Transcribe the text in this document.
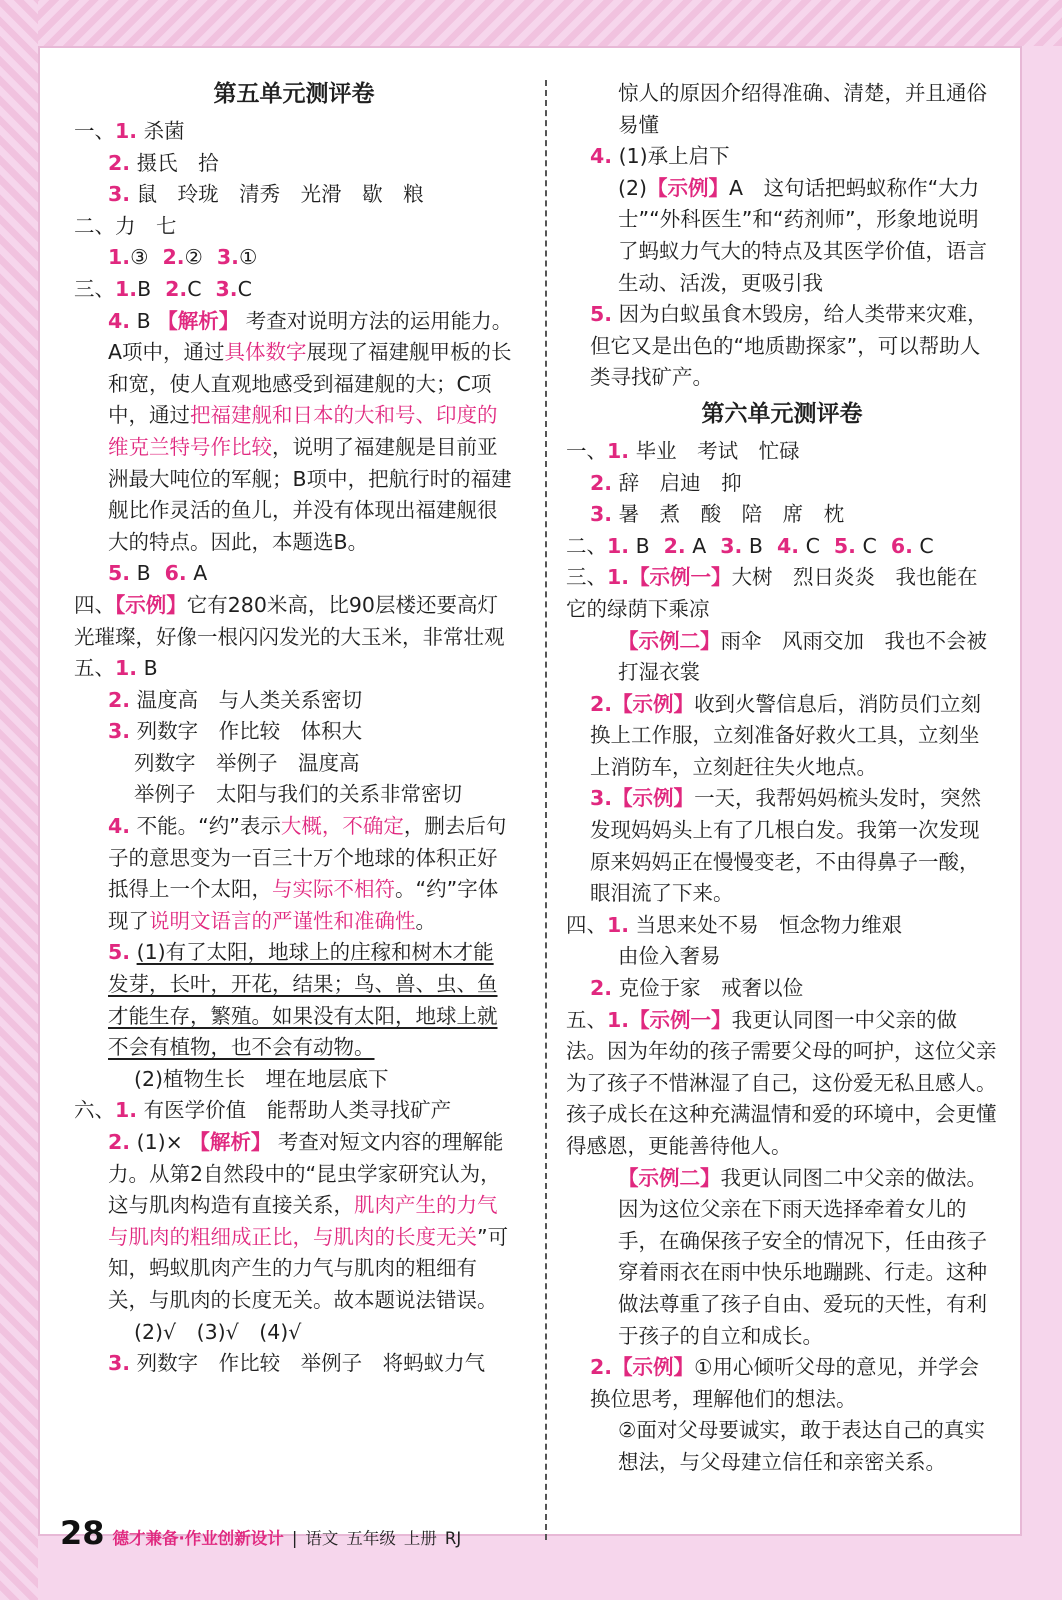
第五单元测评卷
一、1. 杀菌
2. 摄氏　拾
3. 鼠　玲珑　清秀　光滑　歇　粮
二、力　七
1.③ 2.② 3.①
三、1.B 2.C 3.C
4. B 【解析】 考查对说明方法的运用能力。A项中，通过具体数字展现了福建舰甲板的长和宽，使人直观地感受到福建舰的大；C项中，通过把福建舰和日本的大和号、印度的维克兰特号作比较，说明了福建舰是目前亚洲最大吨位的军舰；B项中，把航行时的福建舰比作灵活的鱼儿，并没有体现出福建舰很大的特点。因此，本题选B。
5. B 6. A
四、【示例】它有280米高，比90层楼还要高灯光璀璨，好像一根闪闪发光的大玉米，非常壮观
五、1. B
2. 温度高　与人类关系密切
3. 列数字　作比较　体积大
列数字　举例子　温度高
举例子　太阳与我们的关系非常密切
4. 不能。“约”表示大概，不确定，删去后句子的意思变为一百三十万个地球的体积正好抵得上一个太阳，与实际不相符。“约”字体现了说明文语言的严谨性和准确性。
5. (1)有了太阳，地球上的庄稼和树木才能发芽，长叶，开花，结果；鸟、兽、虫、鱼才能生存，繁殖。如果没有太阳，地球上就不会有植物，也不会有动物。
(2)植物生长　埋在地层底下
六、1. 有医学价值　能帮助人类寻找矿产
2. (1)× 【解析】 考查对短文内容的理解能力。从第2自然段中的“昆虫学家研究认为，这与肌肉构造有直接关系，肌肉产生的力气与肌肉的粗细成正比，与肌肉的长度无关”可知，蚂蚁肌肉产生的力气与肌肉的粗细有关，与肌肉的长度无关。故本题说法错误。
(2)√　(3)√　(4)√
3. 列数字　作比较　举例子　将蚂蚁力气
惊人的原因介绍得准确、清楚，并且通俗易懂
4. (1)承上启下
(2)【示例】A　这句话把蚂蚁称作“大力士”“外科医生”和“药剂师”，形象地说明了蚂蚁力气大的特点及其医学价值，语言生动、活泼，更吸引我
5. 因为白蚁虽食木毁房，给人类带来灾难，但它又是出色的“地质勘探家”，可以帮助人类寻找矿产。
第六单元测评卷
一、1. 毕业　考试　忙碌
2. 辞　启迪　抑
3. 暑　煮　酸　陪　席　枕
二、1. B 2. A 3. B 4. C 5. C 6. C
三、1.【示例一】大树　烈日炎炎　我也能在它的绿荫下乘凉
【示例二】雨伞　风雨交加　我也不会被打湿衣裳
2.【示例】收到火警信息后，消防员们立刻换上工作服，立刻准备好救火工具，立刻坐上消防车，立刻赶往失火地点。
3.【示例】一天，我帮妈妈梳头发时，突然发现妈妈头上有了几根白发。我第一次发现原来妈妈正在慢慢变老，不由得鼻子一酸，眼泪流了下来。
四、1. 当思来处不易　恒念物力维艰
由俭入奢易
2. 克俭于家　戒奢以俭
五、1.【示例一】我更认同图一中父亲的做法。因为年幼的孩子需要父母的呵护，这位父亲为了孩子不惜淋湿了自己，这份爱无私且感人。孩子成长在这种充满温情和爱的环境中，会更懂得感恩，更能善待他人。
【示例二】我更认同图二中父亲的做法。因为这位父亲在下雨天选择牵着女儿的手，在确保孩子安全的情况下，任由孩子穿着雨衣在雨中快乐地蹦跳、行走。这种做法尊重了孩子自由、爱玩的天性，有利于孩子的自立和成长。
2.【示例】①用心倾听父母的意见，并学会换位思考，理解他们的想法。
②面对父母要诚实，敢于表达自己的真实想法，与父母建立信任和亲密关系。
28 德才兼备·作业创新设计 | 语文 五年级 上册 RJ
